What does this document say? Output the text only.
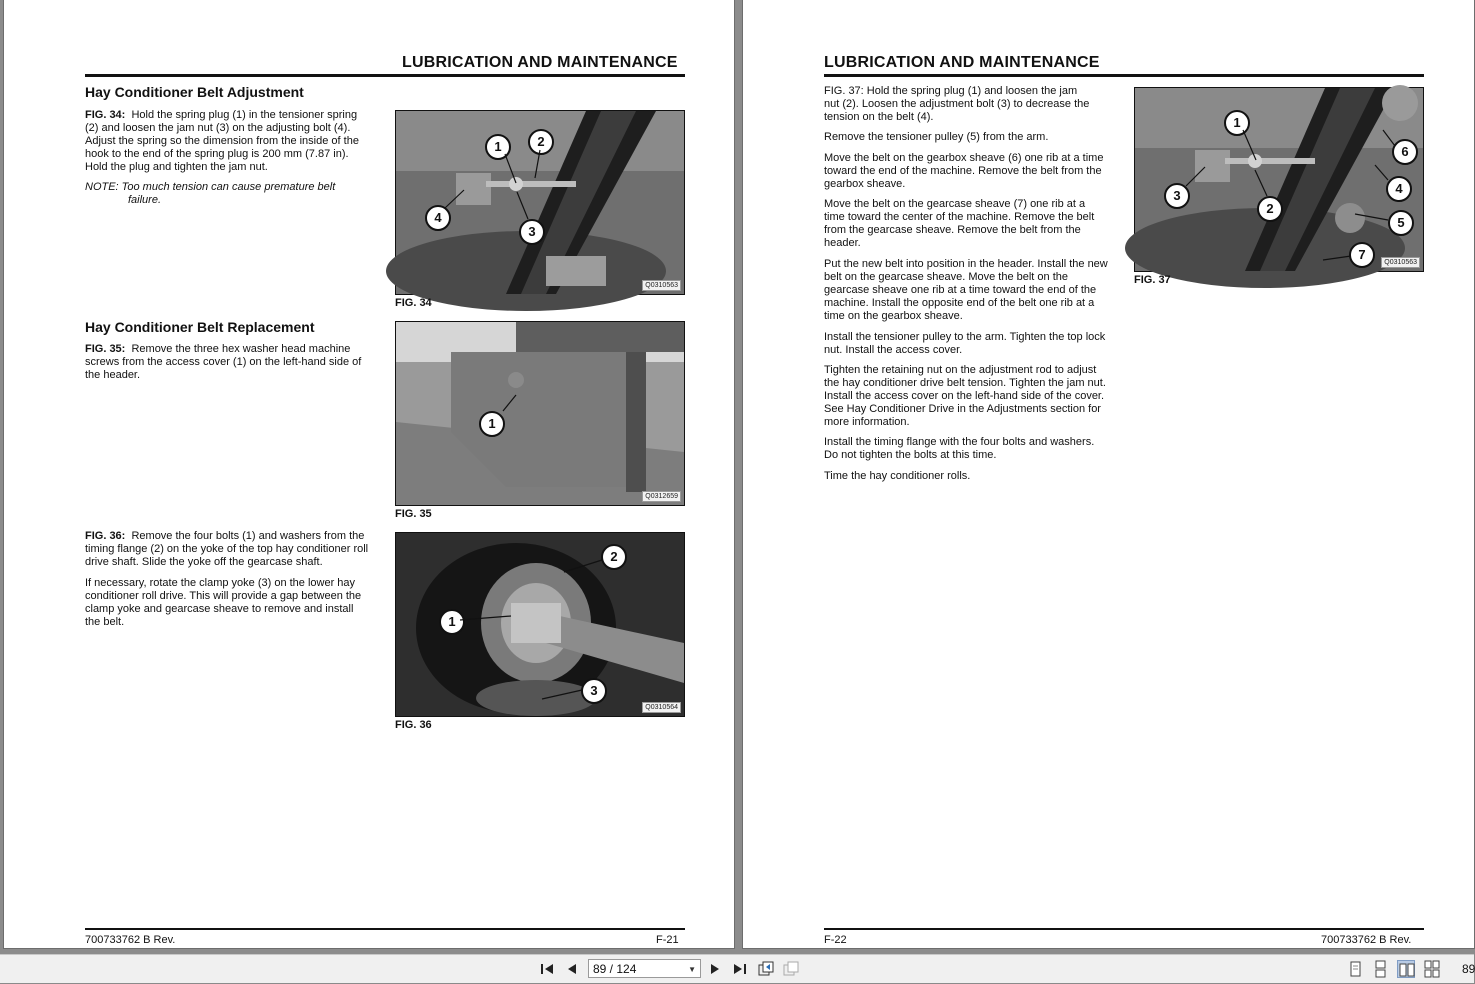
LUBRICATION AND MAINTENANCE
Hay Conditioner Belt Adjustment
FIG. 34: Hold the spring plug (1) in the tensioner spring
(2) and loosen the jam nut (3) on the adjusting bolt (4).
Adjust the spring so the dimension from the inside of the
hook to the end of the spring plug is 200 mm (7.87 in).
Hold the plug and tighten the jam nut.
NOTE: Too much tension can cause premature belt
failure.
Q0310563
1	2
3
4
FIG. 34
Hay Conditioner Belt Replacement
FIG. 35: Remove the three hex washer head machine
screws from the access cover (1) on the left-hand side of
the header.
Q0312659
1
FIG. 35
FIG. 36: Remove the four bolts (1) and washers from the
timing flange (2) on the yoke of the top hay conditioner roll
drive shaft. Slide the yoke off the gearcase shaft.
If necessary, rotate the clamp yoke (3) on the lower hay
conditioner roll drive. This will provide a gap between the
clamp yoke and gearcase sheave to remove and install
the belt.
Q0310564
1
2
3
FIG. 36
700733762 B Rev.	F-21
LUBRICATION AND MAINTENANCE
FIG. 37: Hold the spring plug (1) and loosen the jam
nut (2). Loosen the adjustment bolt (3) to decrease the
tension on the belt (4).
Remove the tensioner pulley (5) from the arm.
Move the belt on the gearbox sheave (6) one rib at a time
toward the end of the machine. Remove the belt from the
gearbox sheave.
Move the belt on the gearcase sheave (7) one rib at a
time toward the center of the machine. Remove the belt
from the gearcase sheave. Remove the belt from the
header.
Put the new belt into position in the header. Install the new
belt on the gearcase sheave. Move the belt on the
gearcase sheave one rib at a time toward the end of the
machine. Install the opposite end of the belt one rib at a
time on the gearbox sheave.
Install the tensioner pulley to the arm. Tighten the top lock
nut. Install the access cover.
Tighten the retaining nut on the adjustment rod to adjust
the hay conditioner drive belt tension. Tighten the jam nut.
Install the access cover on the left-hand side of the cover.
See Hay Conditioner Drive in the Adjustments section for
more information.
Install the timing flange with the four bolts and washers.
Do not tighten the bolts at this time.
Time the hay conditioner rolls.
Q0310563
1
2
3	4
5
6
7
FIG. 37
F-22	700733762 B Rev.
89 / 124	▼	89
